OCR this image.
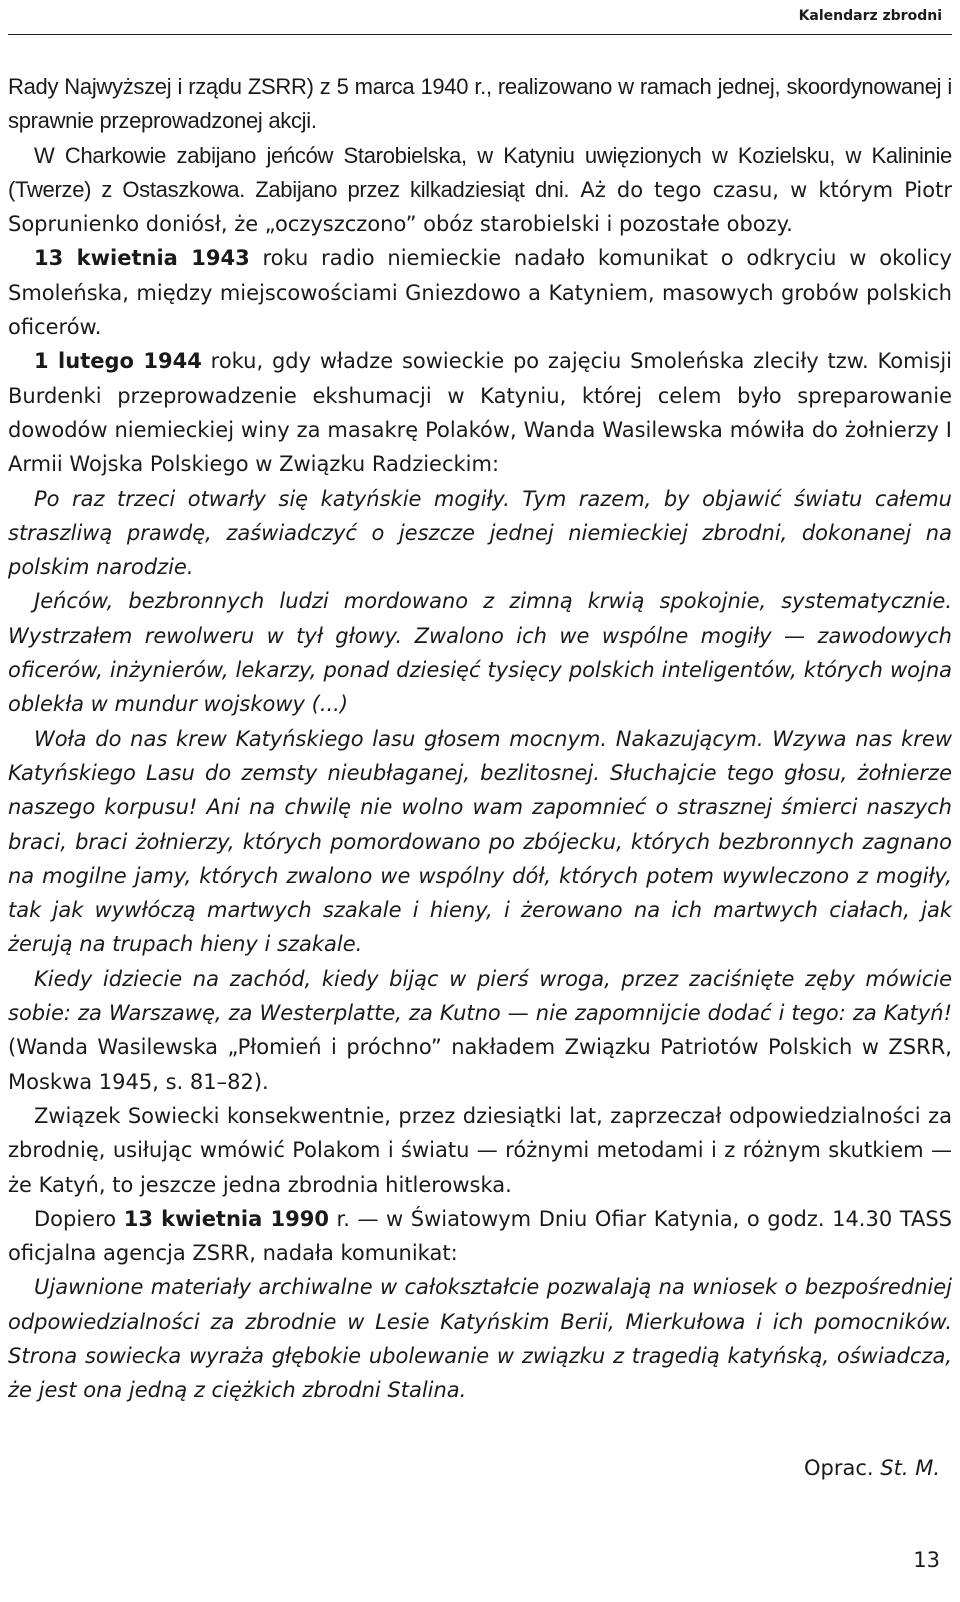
Kalendarz zbrodni

Rady Najwyższej i rządu ZSRR) z 5 marca 1940 r., realizowano w ramach jednej, skoordynowanej i sprawnie przeprowadzonej akcji.

W Charkowie zabijano jeńców Starobielska, w Katyniu uwięzionych w Kozielsku, w Kalininie (Twerze) z Ostaszkowa. Zabijano przez kilkadziesiąt dni. Aż do tego czasu, w którym Piotr Soprunienko doniósł, że „oczyszczono” obóz starobielski i pozostałe obozy.

13 kwietnia 1943 roku radio niemieckie nadało komunikat o odkryciu w okolicy Smoleńska, między miejscowościami Gniezdowo a Katyniem, masowych grobów polskich oficerów.

1 lutego 1944 roku, gdy władze sowieckie po zajęciu Smoleńska zleciły tzw. Komisji Burdenki przeprowadzenie ekshumacji w Katyniu, której celem było spreparowanie dowodów niemieckiej winy za masakrę Polaków, Wanda Wasilewska mówiła do żołnierzy I Armii Wojska Polskiego w Związku Radzieckim:

Po raz trzeci otwarły się katyńskie mogiły. Tym razem, by objawić światu całemu straszliwą prawdę, zaświadczyć o jeszcze jednej niemieckiej zbrodni, dokonanej na polskim narodzie.

Jeńców, bezbronnych ludzi mordowano z zimną krwią spokojnie, systematycznie. Wystrzałem rewolweru w tył głowy. Zwalono ich we wspólne mogiły — zawodowych oficerów, inżynierów, lekarzy, ponad dziesięć tysięcy polskich inteligentów, których wojna oblekła w mundur wojskowy (...)

Woła do nas krew Katyńskiego lasu głosem mocnym. Nakazującym. Wzywa nas krew Katyńskiego Lasu do zemsty nieubłaganej, bezlitosnej. Słuchajcie tego głosu, żołnierze naszego korpusu! Ani na chwilę nie wolno wam zapomnieć o strasznej śmierci naszych braci, braci żołnierzy, których pomordowano po zbójecku, których bezbronnych zagnano na mogilne jamy, których zwalono we wspólny dół, których potem wywleczono z mogiły, tak jak wywłóczą martwych szakale i hieny, i żerowano na ich martwych ciałach, jak żerują na trupach hieny i szakale.

Kiedy idziecie na zachód, kiedy bijąc w pierś wroga, przez zaciśnięte zęby mówicie sobie: za Warszawę, za Westerplatte, za Kutno — nie zapomnijcie dodać i tego: za Katyń! (Wanda Wasilewska „Płomień i próchno” nakładem Związku Patriotów Polskich w ZSRR, Moskwa 1945, s. 81–82).

Związek Sowiecki konsekwentnie, przez dziesiątki lat, zaprzeczał odpowiedzialności za zbrodnię, usiłując wmówić Polakom i światu — różnymi metodami i z różnym skutkiem — że Katyń, to jeszcze jedna zbrodnia hitlerowska.

Dopiero 13 kwietnia 1990 r. — w Światowym Dniu Ofiar Katynia, o godz. 14.30 TASS oficjalna agencja ZSRR, nadała komunikat:

Ujawnione materiały archiwalne w całokształcie pozwalają na wniosek o bezpośredniej odpowiedzialności za zbrodnie w Lesie Katyńskim Berii, Mierkułowa i ich pomocników. Strona sowiecka wyraża głębokie ubolewanie w związku z tragedią katyńską, oświadcza, że jest ona jedną z ciężkich zbrodni Stalina.

Oprac. St. M.
13
